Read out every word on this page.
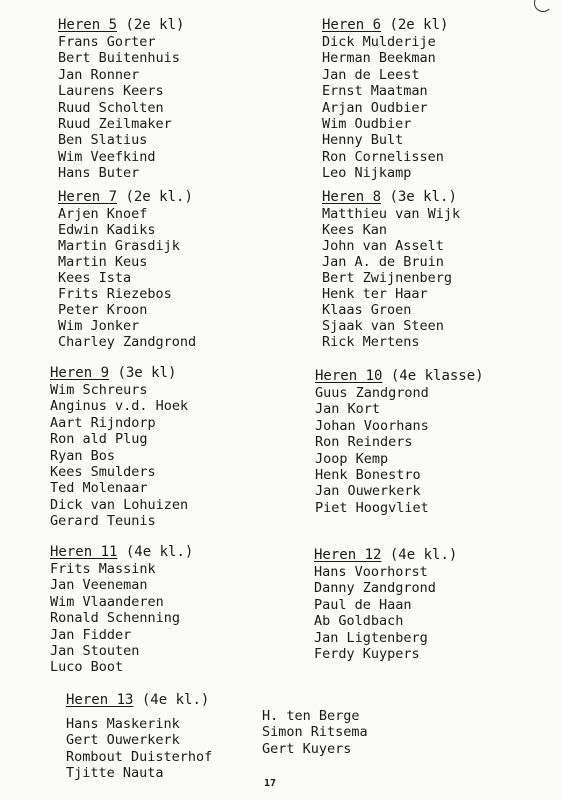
Heren 5 (2e kl)
Frans Gorter
Bert Buitenhuis
Jan Ronner
Laurens Keers
Ruud Scholten
Ruud Zeilmaker
Ben Slatius
Wim Veefkind
Hans Buter
Heren 6 (2e kl)
Dick Mulderije
Herman Beekman
Jan de Leest
Ernst Maatman
Arjan Oudbier
Wim Oudbier
Henny Bult
Ron Cornelissen
Leo Nijkamp
Heren 7 (2e kl.)
Arjen Knoef
Edwin Kadiks
Martin Grasdijk
Martin Keus
Kees Ista
Frits Riezebos
Peter Kroon
Wim Jonker
Charley Zandgrond
Heren 8 (3e kl.)
Matthieu van Wijk
Kees Kan
John van Asselt
Jan A. de Bruin
Bert Zwijnenberg
Henk ter Haar
Klaas Groen
Sjaak van Steen
Rick Mertens
Heren 9 (3e kl)
Wim Schreurs
Anginus v.d. Hoek
Aart Rijndorp
Ron ald Plug
Ryan Bos
Kees Smulders
Ted Molenaar
Dick van Lohuizen
Gerard Teunis
Heren 10 (4e klasse)
Guus Zandgrond
Jan Kort
Johan Voorhans
Ron Reinders
Joop Kemp
Henk Bonestro
Jan Ouwerkerk
Piet Hoogvliet
Heren 11 (4e kl.)
Frits Massink
Jan Veeneman
Wim Vlaanderen
Ronald Schenning
Jan Fidder
Jan Stouten
Luco Boot
Heren 12 (4e kl.)
Hans Voorhorst
Danny Zandgrond
Paul de Haan
Ab Goldbach
Jan Ligtenberg
Ferdy Kuypers
Heren 13 (4e kl.)
Hans Maskerink
Gert Ouwerkerk
Rombout Duisterhof
Tjitte Nauta
H. ten Berge
Simon Ritsema
Gert Kuyers
17
